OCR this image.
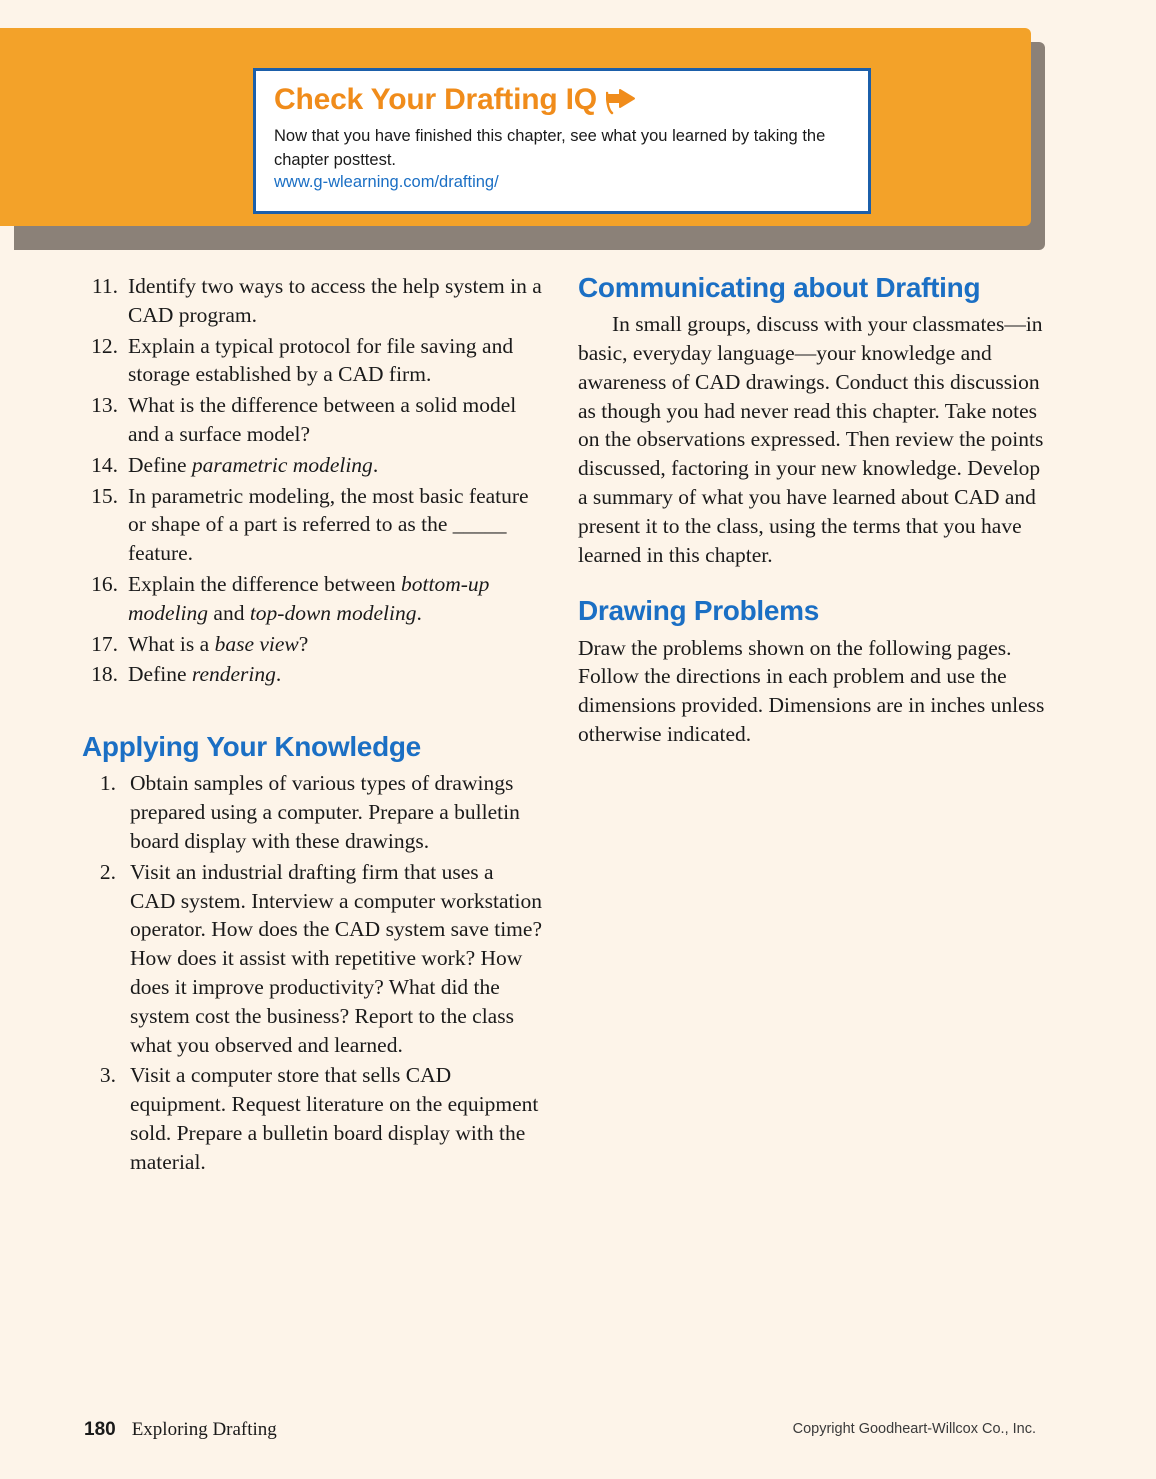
Check Your Drafting IQ
Now that you have finished this chapter, see what you learned by taking the chapter posttest.
www.g-wlearning.com/drafting/
11. Identify two ways to access the help system in a CAD program.
12. Explain a typical protocol for file saving and storage established by a CAD firm.
13. What is the difference between a solid model and a surface model?
14. Define parametric modeling.
15. In parametric modeling, the most basic feature or shape of a part is referred to as the _____ feature.
16. Explain the difference between bottom-up modeling and top-down modeling.
17. What is a base view?
18. Define rendering.
Applying Your Knowledge
1. Obtain samples of various types of drawings prepared using a computer. Prepare a bulletin board display with these drawings.
2. Visit an industrial drafting firm that uses a CAD system. Interview a computer workstation operator. How does the CAD system save time? How does it assist with repetitive work? How does it improve productivity? What did the system cost the business? Report to the class what you observed and learned.
3. Visit a computer store that sells CAD equipment. Request literature on the equipment sold. Prepare a bulletin board display with the material.
Communicating about Drafting

In small groups, discuss with your classmates—in basic, everyday language—your knowledge and awareness of CAD drawings. Conduct this discussion as though you had never read this chapter. Take notes on the observations expressed. Then review the points discussed, factoring in your new knowledge. Develop a summary of what you have learned about CAD and present it to the class, using the terms that you have learned in this chapter.

Drawing Problems

Draw the problems shown on the following pages. Follow the directions in each problem and use the dimensions provided. Dimensions are in inches unless otherwise indicated.

180 Exploring Drafting	Copyright Goodheart-Willcox Co., Inc.
